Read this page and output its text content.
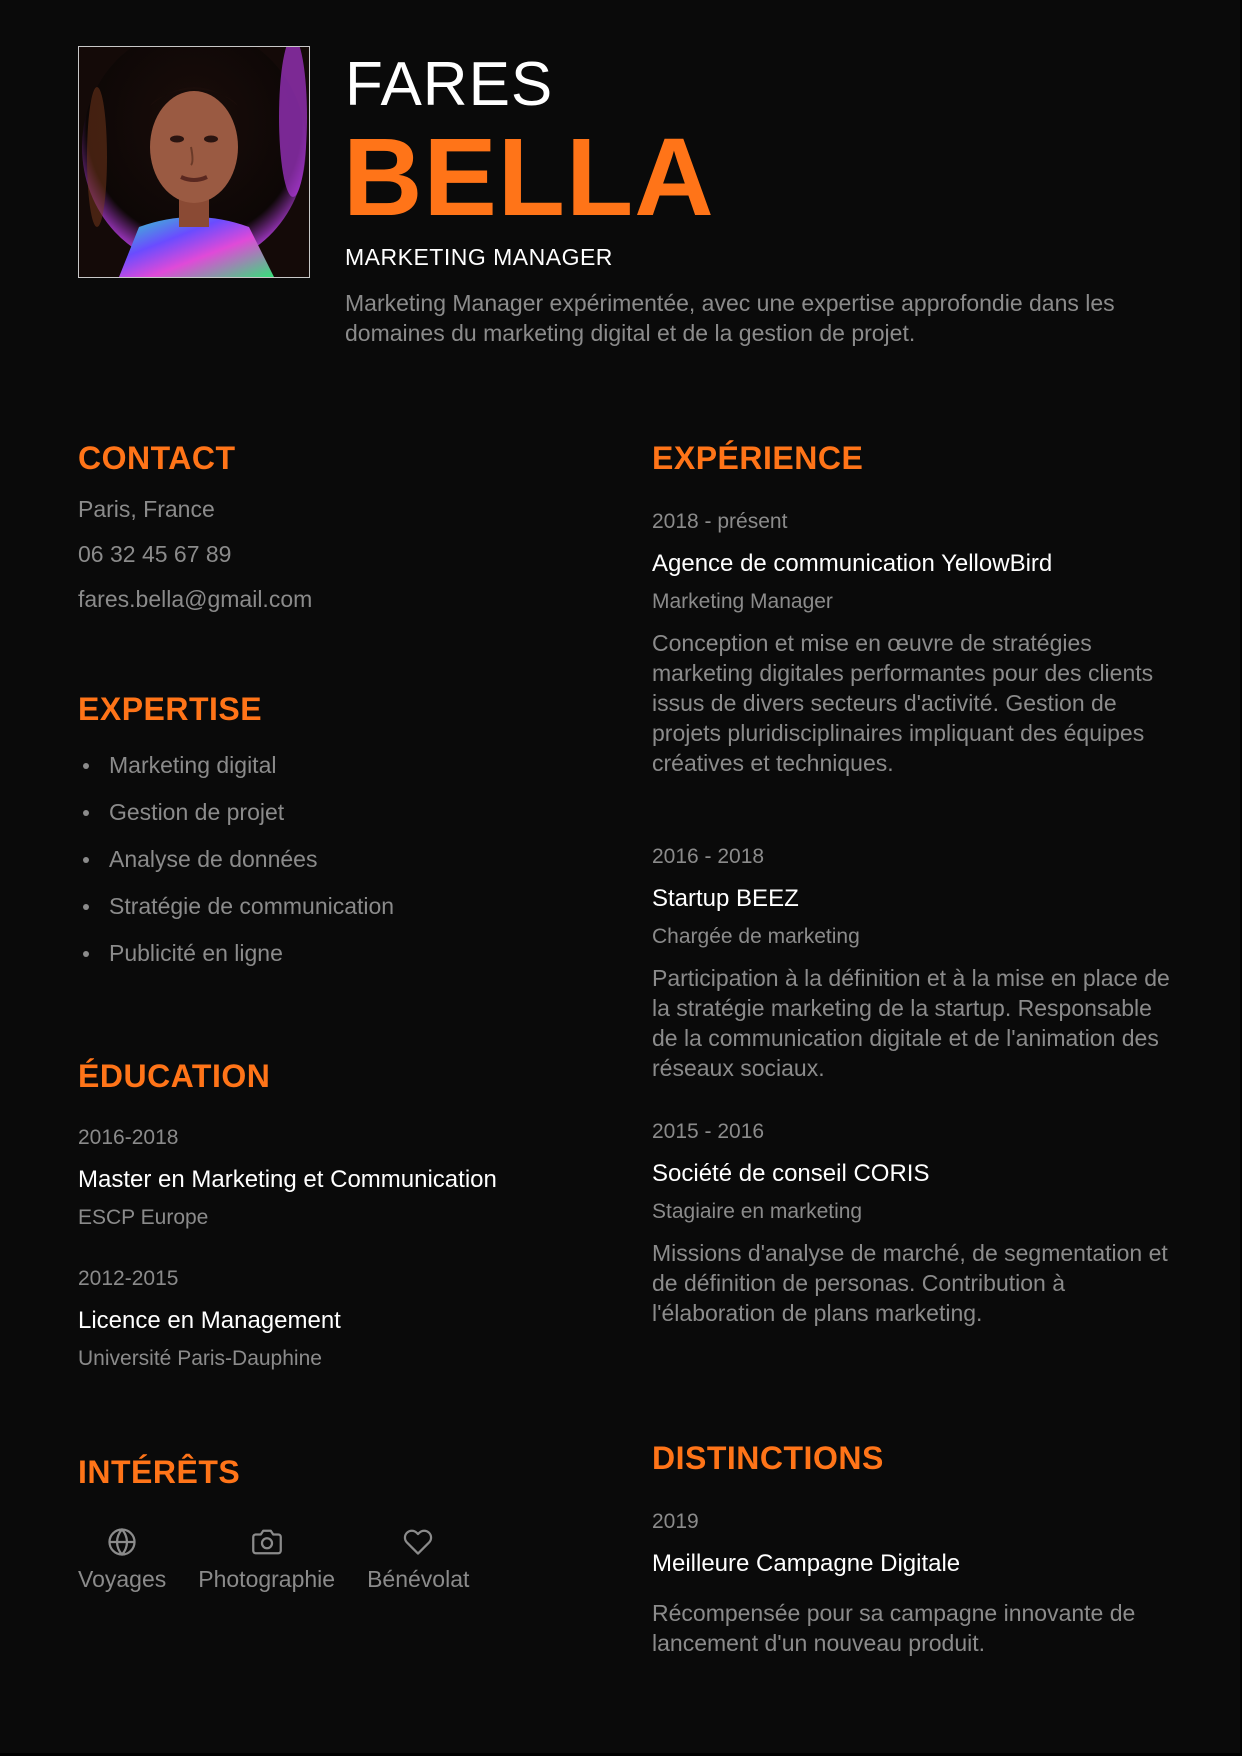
FARES
BELLA
MARKETING MANAGER
Marketing Manager expérimentée, avec une expertise approfondie dans les domaines du marketing digital et de la gestion de projet.
CONTACT
Paris, France
06 32 45 67 89
fares.bella@gmail.com
EXPERTISE
Marketing digital
Gestion de projet
Analyse de données
Stratégie de communication
Publicité en ligne
ÉDUCATION
2016-2018
Master en Marketing et Communication
ESCP Europe
2012-2015
Licence en Management
Université Paris-Dauphine
INTÉRÊTS
Voyages Photographie Bénévolat
EXPÉRIENCE
2018 - présent
Agence de communication YellowBird
Marketing Manager
Conception et mise en œuvre de stratégies marketing digitales performantes pour des clients issus de divers secteurs d'activité. Gestion de projets pluridisciplinaires impliquant des équipes créatives et techniques.
2016 - 2018
Startup BEEZ
Chargée de marketing
Participation à la définition et à la mise en place de la stratégie marketing de la startup. Responsable de la communication digitale et de l'animation des réseaux sociaux.
2015 - 2016
Société de conseil CORIS
Stagiaire en marketing
Missions d'analyse de marché, de segmentation et de définition de personas. Contribution à l'élaboration de plans marketing.
DISTINCTIONS
2019
Meilleure Campagne Digitale
Récompensée pour sa campagne innovante de lancement d'un nouveau produit.
